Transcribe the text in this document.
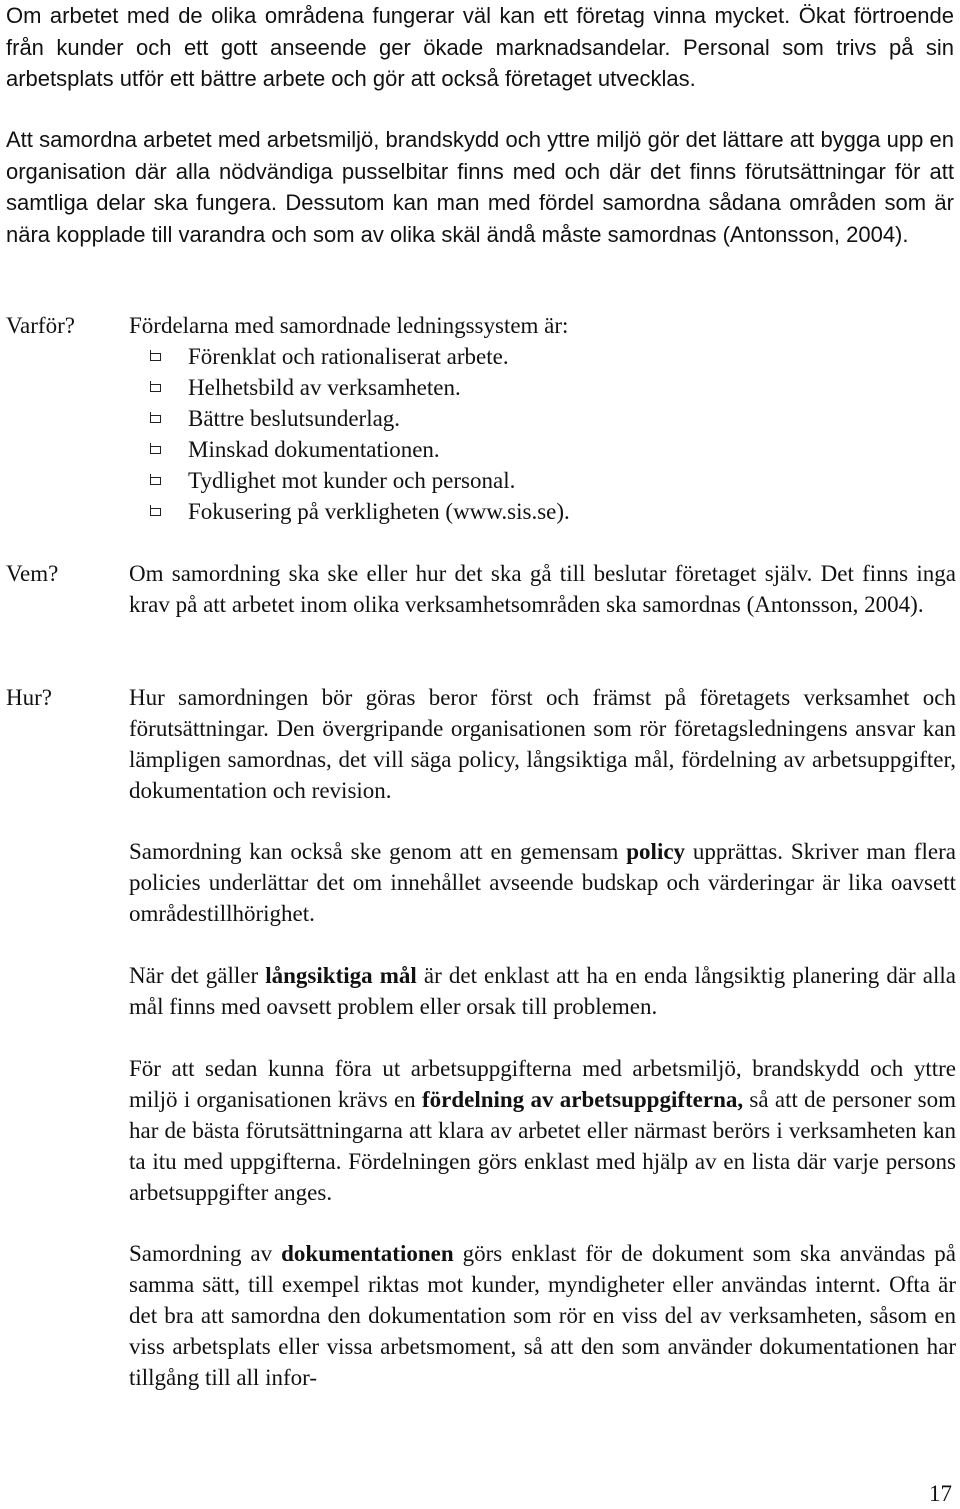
Om arbetet med de olika områdena fungerar väl kan ett företag vinna mycket. Ökat förtroende från kunder och ett gott anseende ger ökade marknadsandelar. Personal som trivs på sin arbetsplats utför ett bättre arbete och gör att också företaget utvecklas.

Att samordna arbetet med arbetsmiljö, brandskydd och yttre miljö gör det lättare att bygga upp en organisation där alla nödvändiga pusselbitar finns med och där det finns förutsättningar för att samtliga delar ska fungera. Dessutom kan man med fördel samordna sådana områden som är nära kopplade till varandra och som av olika skäl ändå måste samordnas (Antonsson, 2004).

Varför? Fördelarna med samordnade ledningssystem är:

Förenklat och rationaliserat arbete.
Helhetsbild av verksamheten.
Bättre beslutsunderlag.
Minskad dokumentationen.
Tydlighet mot kunder och personal.
Fokusering på verkligheten (www.sis.se).
Vem?	Om samordning ska ske eller hur det ska gå till beslutar företaget själv. Det finns inga krav på att arbetet inom olika verksamhetsområden ska samordnas (Antonsson, 2004).

Hur?	Hur samordningen bör göras beror först och främst på företagets verksamhet och förutsättningar. Den övergripande organisationen som rör företagsledningens ansvar kan lämpligen samordnas, det vill säga policy, långsiktiga mål, fördelning av arbetsuppgifter, dokumentation och revision.

Samordning kan också ske genom att en gemensam policy upprättas. Skriver man flera policies underlättar det om innehållet avseende budskap och värderingar är lika oavsett områdestillhörighet.

När det gäller långsiktiga mål är det enklast att ha en enda långsiktig planering där alla mål finns med oavsett problem eller orsak till problemen.

För att sedan kunna föra ut arbetsuppgifterna med arbetsmiljö, brandskydd och yttre miljö i organisationen krävs en fördelning av arbetsuppgifterna, så att de personer som har de bästa förutsättningarna att klara av arbetet eller närmast berörs i verksamheten kan ta itu med uppgifterna. Fördelningen görs enklast med hjälp av en lista där varje persons arbetsuppgifter anges.

Samordning av dokumentationen görs enklast för de dokument som ska användas på samma sätt, till exempel riktas mot kunder, myndigheter eller användas internt. Ofta är det bra att samordna den dokumentation som rör en viss del av verksamheten, såsom en viss arbetsplats eller vissa arbetsmoment, så att den som använder dokumentationen har tillgång till all infor-

17
